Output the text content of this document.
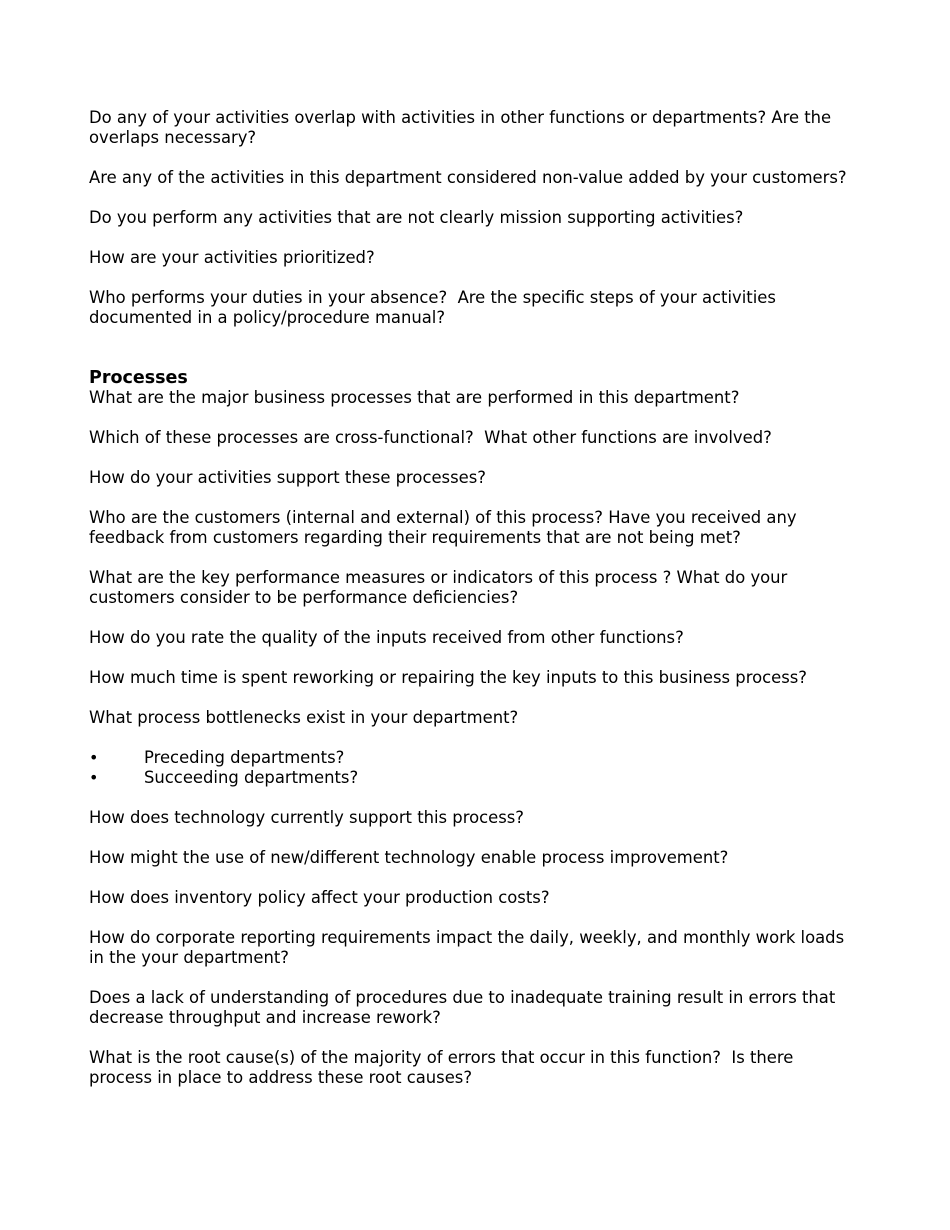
Do any of your activities overlap with activities in other functions or departments? Are the overlaps necessary?

Are any of the activities in this department considered non-value added by your customers?

Do you perform any activities that are not clearly mission supporting activities?

How are your activities prioritized?

Who performs your duties in your absence?  Are the specific steps of your activities documented in a policy/procedure manual?

Processes

What are the major business processes that are performed in this department?

Which of these processes are cross-functional?  What other functions are involved?

How do your activities support these processes?

Who are the customers (internal and external) of this process? Have you received any feedback from customers regarding their requirements that are not being met?

What are the key performance measures or indicators of this process ? What do your customers consider to be performance deficiencies?

How do you rate the quality of the inputs received from other functions?

How much time is spent reworking or repairing the key inputs to this business process?

What process bottlenecks exist in your department?

•	Preceding departments?
•	Succeeding departments?

How does technology currently support this process?

How might the use of new/different technology enable process improvement?

How does inventory policy affect your production costs?

How do corporate reporting requirements impact the daily, weekly, and monthly work loads in the your department?

Does a lack of understanding of procedures due to inadequate training result in errors that decrease throughput and increase rework?

What is the root cause(s) of the majority of errors that occur in this function?  Is there process in place to address these root causes?
